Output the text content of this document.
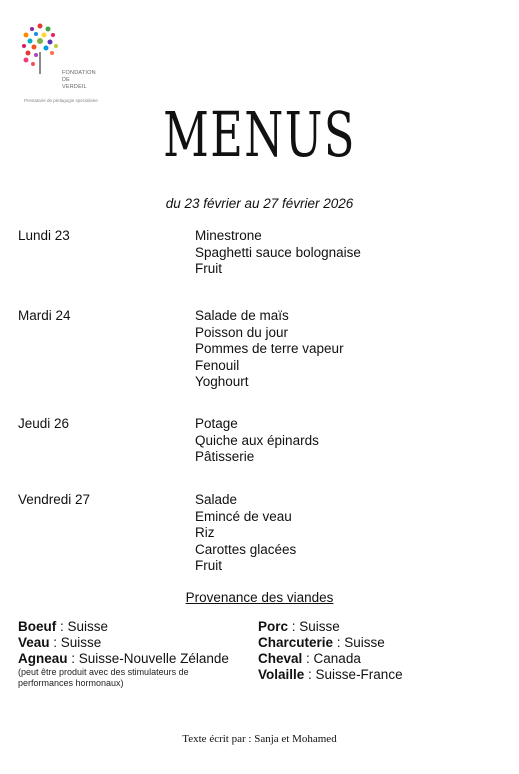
FONDATION
DE
VERDEIL
Prestataire de pédagogie spécialisée	MENUS
du 23 février au 27 février 2026
Lundi 23	Minestrone
Spaghetti sauce bolognaise
Fruit
Mardi 24	Salade de maïs
Poisson du jour
Pommes de terre vapeur
Fenouil
Yoghourt
Jeudi 26	Potage
Quiche aux épinards
Pâtisserie
Vendredi 27	Salade
Emincé de veau
Riz
Carottes glacées
Fruit
Provenance des viandes
Boeuf : Suisse
Veau : Suisse
Agneau : Suisse-Nouvelle Zélande
(peut être produit avec des stimulateurs de performances hormonaux)
Porc : Suisse
Charcuterie : Suisse
Cheval : Canada
Volaille : Suisse-France
Texte écrit par : Sanja et Mohamed
